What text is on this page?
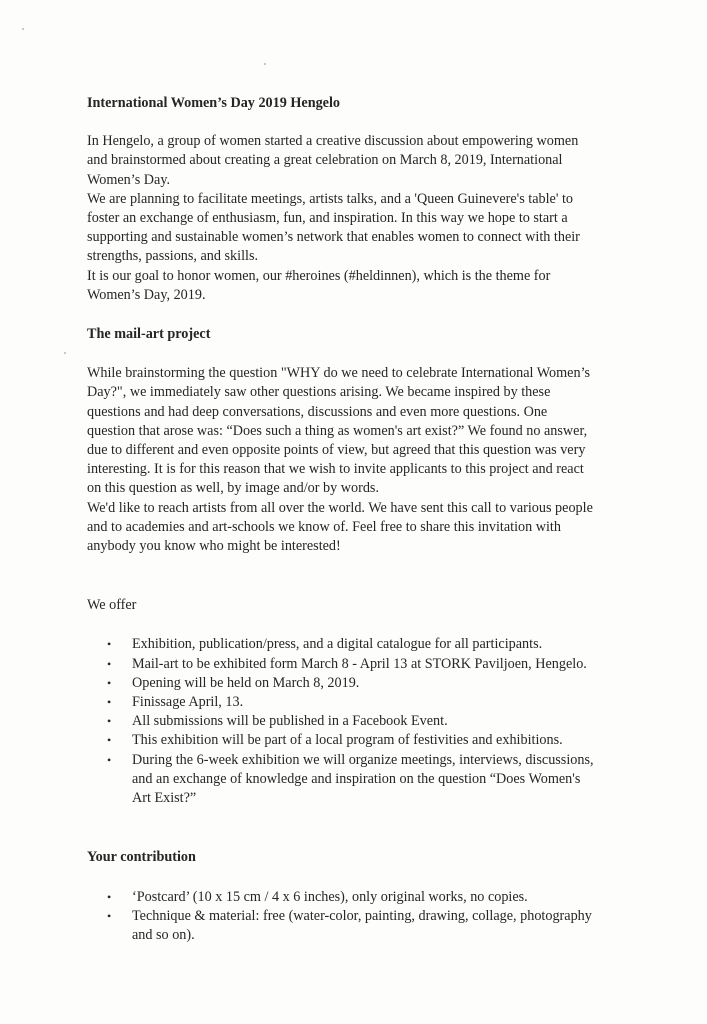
International Women’s Day 2019 Hengelo
In Hengelo, a group of women started a creative discussion about empowering women
and brainstormed about creating a great celebration on March 8, 2019, International
Women’s Day.
We are planning to facilitate meetings, artists talks, and a 'Queen Guinevere's table' to
foster an exchange of enthusiasm, fun, and inspiration. In this way we hope to start a
supporting and sustainable women’s network that enables women to connect with their
strengths, passions, and skills.
It is our goal to honor women, our #heroines (#heldinnen), which is the theme for
Women’s Day, 2019.
The mail-art project
While brainstorming the question "WHY do we need to celebrate International Women’s
Day?", we immediately saw other questions arising. We became inspired by these
questions and had deep conversations, discussions and even more questions. One
question that arose was: “Does such a thing as women's art exist?” We found no answer,
due to different and even opposite points of view, but agreed that this question was very
interesting. It is for this reason that we wish to invite applicants to this project and react
on this question as well, by image and/or by words.
We'd like to reach artists from all over the world. We have sent this call to various people
and to academies and art-schools we know of. Feel free to share this invitation with
anybody you know who might be interested!
We offer
• Exhibition, publication/press, and a digital catalogue for all participants.
• Mail-art to be exhibited form March 8 - April 13 at STORK Paviljoen, Hengelo.
• Opening will be held on March 8, 2019.
• Finissage April, 13.
• All submissions will be published in a Facebook Event.
• This exhibition will be part of a local program of festivities and exhibitions.
• During the 6-week exhibition we will organize meetings, interviews, discussions,
and an exchange of knowledge and inspiration on the question “Does Women's
Art Exist?”
Your contribution
• ‘Postcard’ (10 x 15 cm / 4 x 6 inches), only original works, no copies.
• Technique & material: free (water-color, painting, drawing, collage, photography
and so on).
